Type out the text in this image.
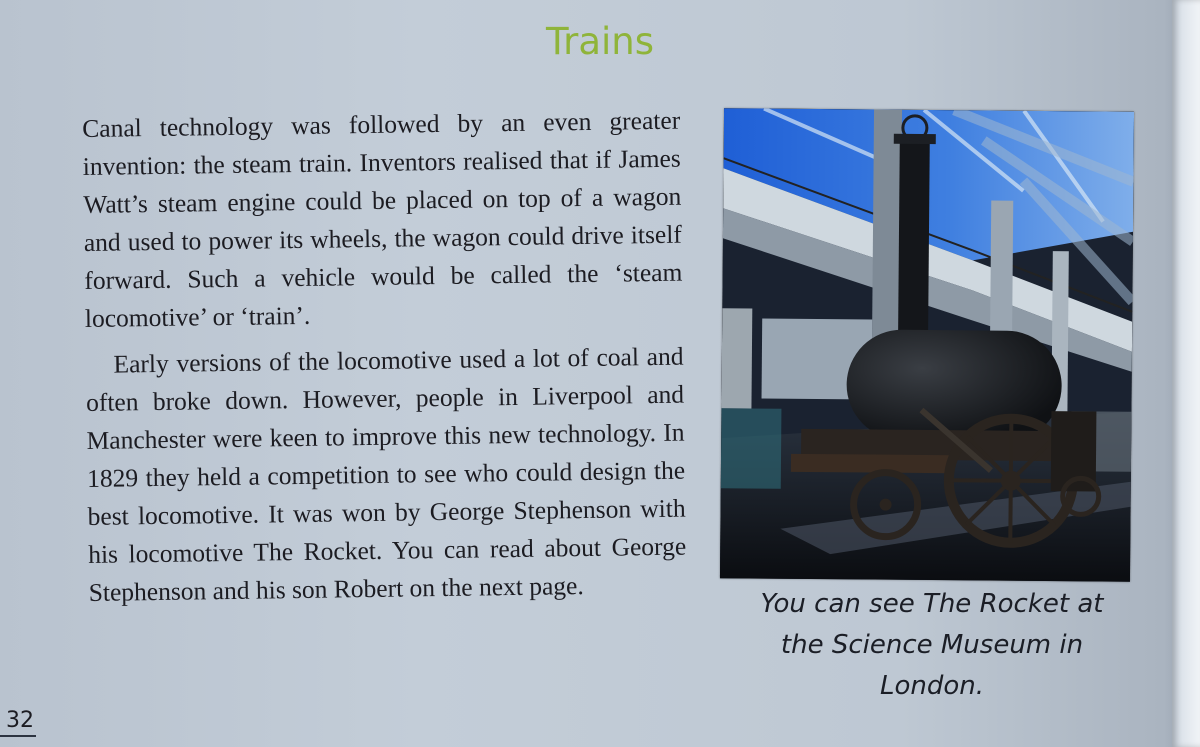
Trains

Canal technology was followed by an even greater invention: the steam train. Inventors realised that if James Watt’s steam engine could be placed on top of a wagon and used to power its wheels, the wagon could drive itself forward. Such a vehicle would be called the ‘steam locomotive’ or ‘train’.

Early versions of the locomotive used a lot of coal and often broke down. However, people in Liverpool and Manchester were keen to improve this new technology. In 1829 they held a competition to see who could design the best locomotive. It was won by George Stephenson with his locomotive The Rocket. You can read about George Stephenson and his son Robert on the next page.	You can see The Rocket at the Science Museum in London.
32
